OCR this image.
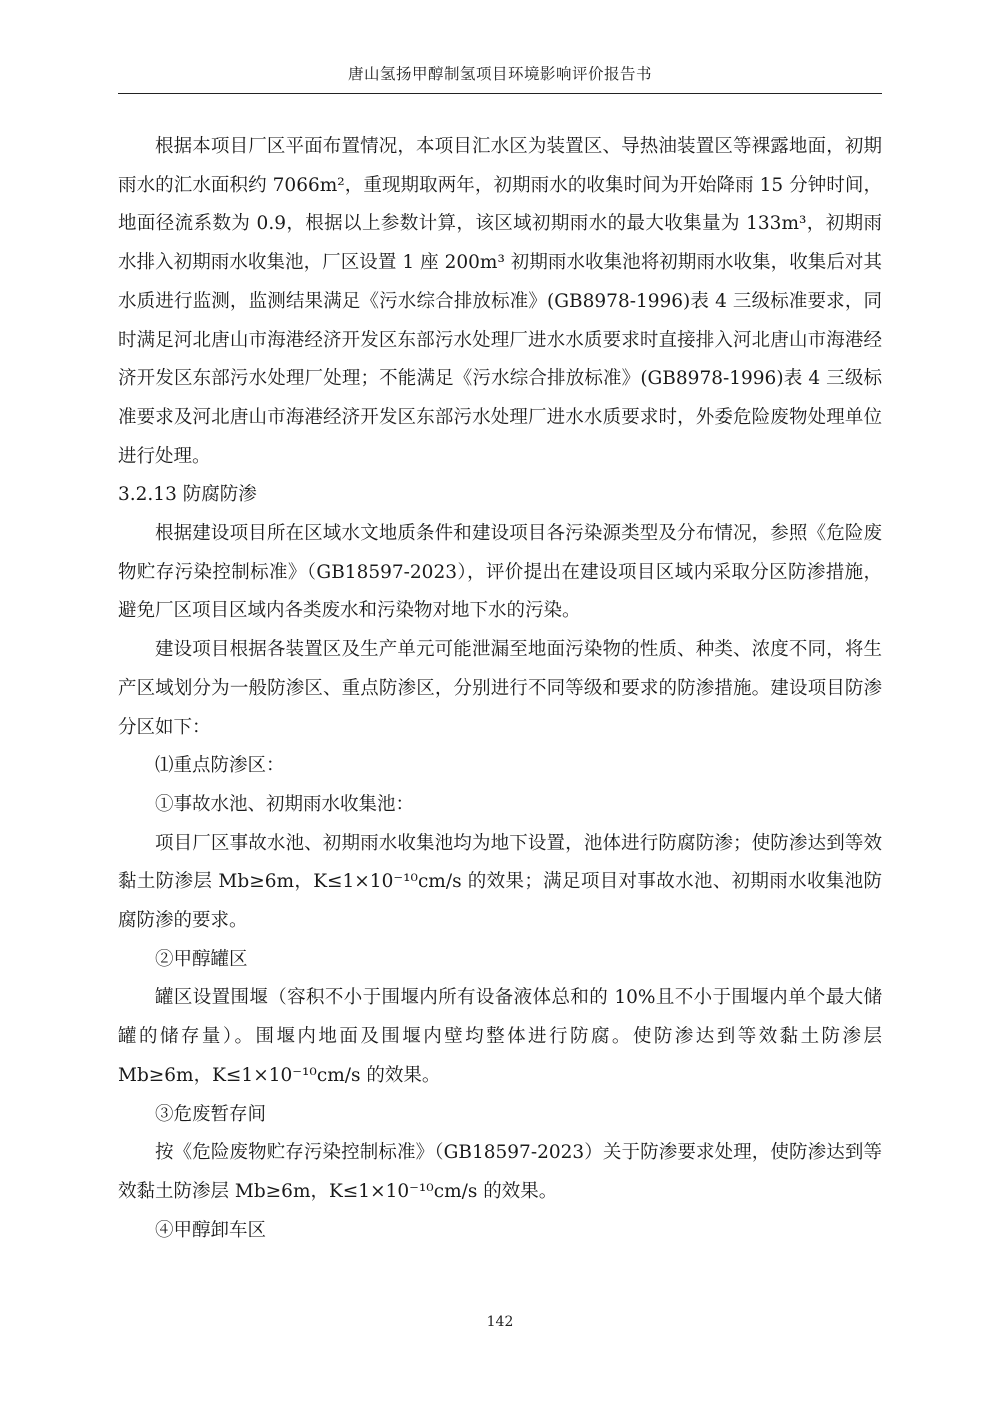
唐山氢扬甲醇制氢项目环境影响评价报告书

根据本项目厂区平面布置情况，本项目汇水区为装置区、导热油装置区等裸露地面，初期雨水的汇水面积约 7066m²，重现期取两年，初期雨水的收集时间为开始降雨 15 分钟时间，地面径流系数为 0.9，根据以上参数计算，该区域初期雨水的最大收集量为 133m³，初期雨水排入初期雨水收集池，厂区设置 1 座 200m³ 初期雨水收集池将初期雨水收集，收集后对其水质进行监测，监测结果满足《污水综合排放标准》(GB8978-1996)表 4 三级标准要求，同时满足河北唐山市海港经济开发区东部污水处理厂进水水质要求时直接排入河北唐山市海港经济开发区东部污水处理厂处理；不能满足《污水综合排放标准》(GB8978-1996)表 4 三级标准要求及河北唐山市海港经济开发区东部污水处理厂进水水质要求时，外委危险废物处理单位进行处理。

3.2.13 防腐防渗

根据建设项目所在区域水文地质条件和建设项目各污染源类型及分布情况，参照《危险废物贮存污染控制标准》（GB18597-2023），评价提出在建设项目区域内采取分区防渗措施，避免厂区项目区域内各类废水和污染物对地下水的污染。

建设项目根据各装置区及生产单元可能泄漏至地面污染物的性质、种类、浓度不同，将生产区域划分为一般防渗区、重点防渗区，分别进行不同等级和要求的防渗措施。建设项目防渗分区如下：

⑴重点防渗区：

①事故水池、初期雨水收集池：

项目厂区事故水池、初期雨水收集池均为地下设置，池体进行防腐防渗；使防渗达到等效黏土防渗层 Mb≥6m，K≤1×10⁻¹⁰cm/s 的效果；满足项目对事故水池、初期雨水收集池防腐防渗的要求。

②甲醇罐区

罐区设置围堰（容积不小于围堰内所有设备液体总和的 10%且不小于围堰内单个最大储罐的储存量）。围堰内地面及围堰内壁均整体进行防腐。使防渗达到等效黏土防渗层 Mb≥6m，K≤1×10⁻¹⁰cm/s 的效果。

③危废暂存间

按《危险废物贮存污染控制标准》（GB18597-2023）关于防渗要求处理，使防渗达到等效黏土防渗层 Mb≥6m，K≤1×10⁻¹⁰cm/s 的效果。

④甲醇卸车区

142
